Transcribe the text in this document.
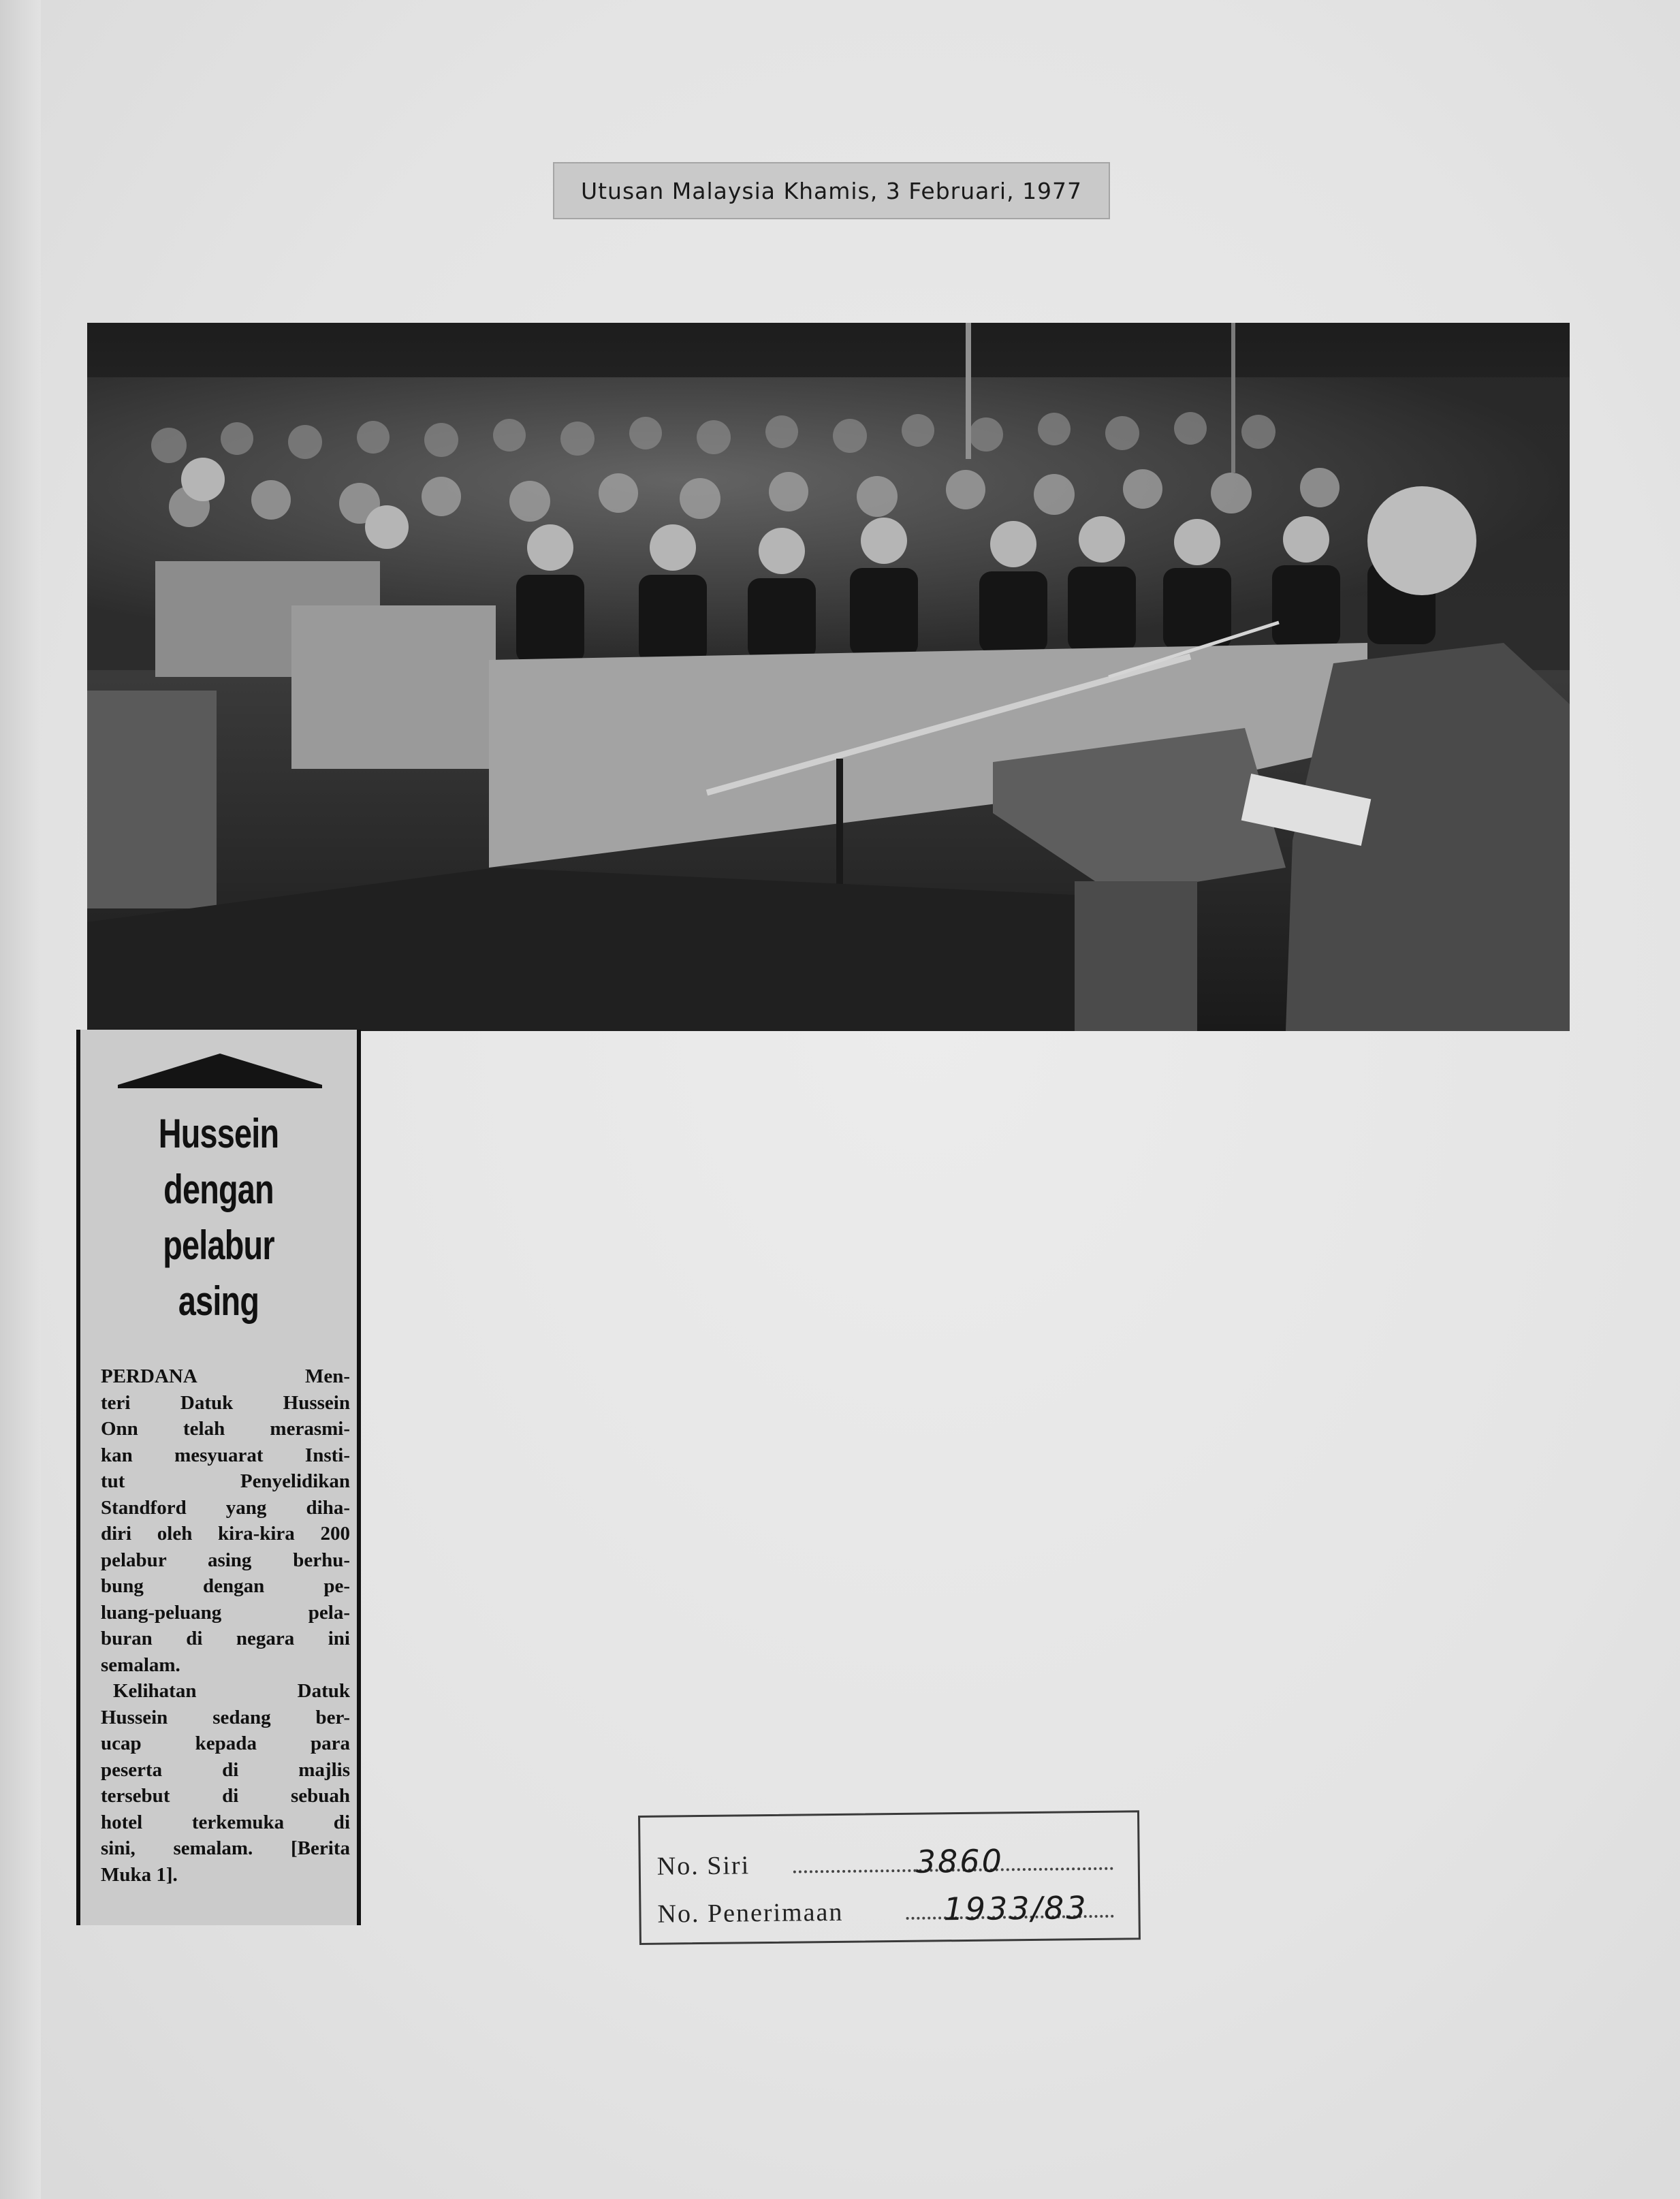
Utusan Malaysia Khamis, 3 Februari, 1977
Hussein
dengan
pelabur
asing
PERDANA Men-
teri Datuk Hussein
Onn telah merasmi-
kan mesyuarat Insti-
tut Penyelidikan
Standford yang diha-
diri oleh kira-kira 200
pelabur asing berhu-
bung dengan pe-
luang-peluang pela-
buran di negara ini
semalam.
Kelihatan Datuk
Hussein sedang ber-
ucap kepada para
peserta di majlis
tersebut di sebuah
hotel terkemuka di
sini, semalam. [Berita
Muka 1].	No. Siri	3860
No. Penerimaan	1933/83
